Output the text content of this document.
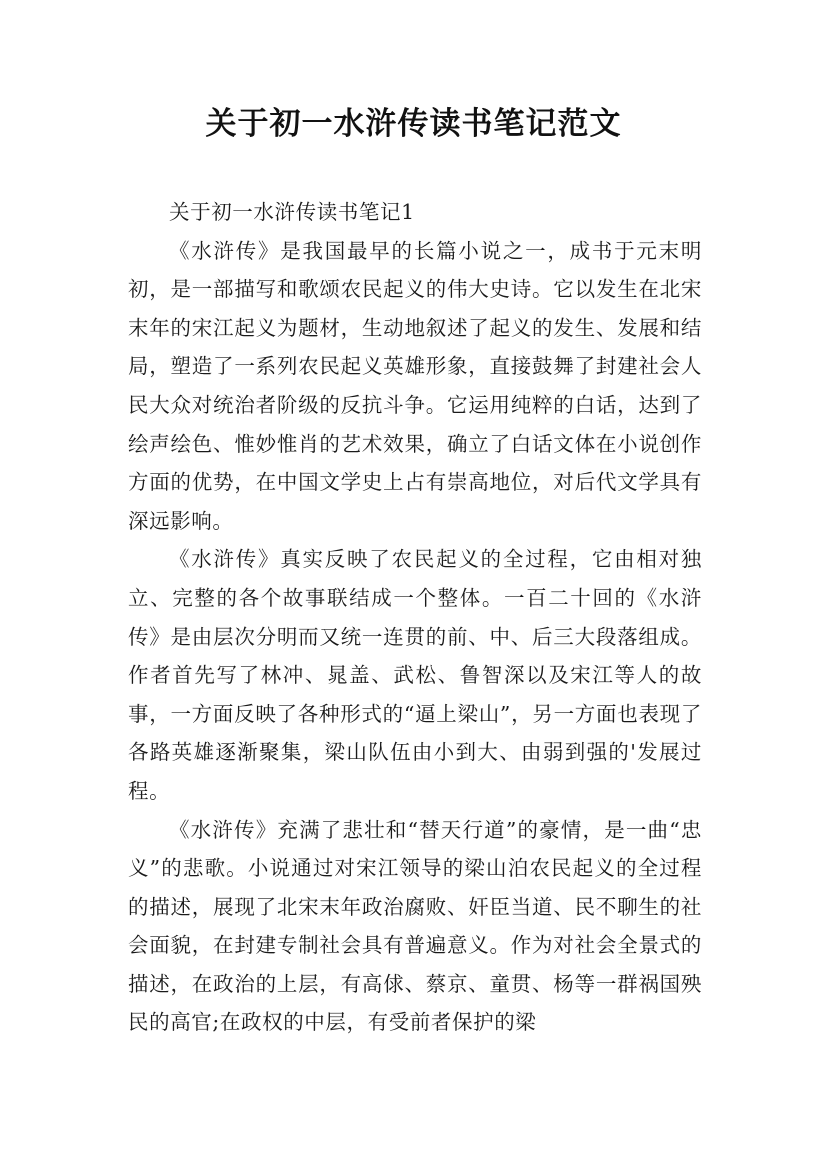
关于初一水浒传读书笔记范文
关于初一水浒传读书笔记1

《水浒传》是我国最早的长篇小说之一，成书于元末明初，是一部描写和歌颂农民起义的伟大史诗。它以发生在北宋末年的宋江起义为题材，生动地叙述了起义的发生、发展和结局，塑造了一系列农民起义英雄形象，直接鼓舞了封建社会人民大众对统治者阶级的反抗斗争。它运用纯粹的白话，达到了绘声绘色、惟妙惟肖的艺术效果，确立了白话文体在小说创作方面的优势，在中国文学史上占有崇高地位，对后代文学具有深远影响。

《水浒传》真实反映了农民起义的全过程，它由相对独立、完整的各个故事联结成一个整体。一百二十回的《水浒传》是由层次分明而又统一连贯的前、中、后三大段落组成。作者首先写了林冲、晁盖、武松、鲁智深以及宋江等人的故事，一方面反映了各种形式的“逼上梁山”，另一方面也表现了各路英雄逐渐聚集，梁山队伍由小到大、由弱到强的'发展过程。

《水浒传》充满了悲壮和“替天行道”的豪情，是一曲“忠义”的悲歌。小说通过对宋江领导的梁山泊农民起义的全过程的描述，展现了北宋末年政治腐败、奸臣当道、民不聊生的社会面貌，在封建专制社会具有普遍意义。作为对社会全景式的描述，在政治的上层，有高俅、蔡京、童贯、杨等一群祸国殃民的高官;在政权的中层，有受前者保护的梁
